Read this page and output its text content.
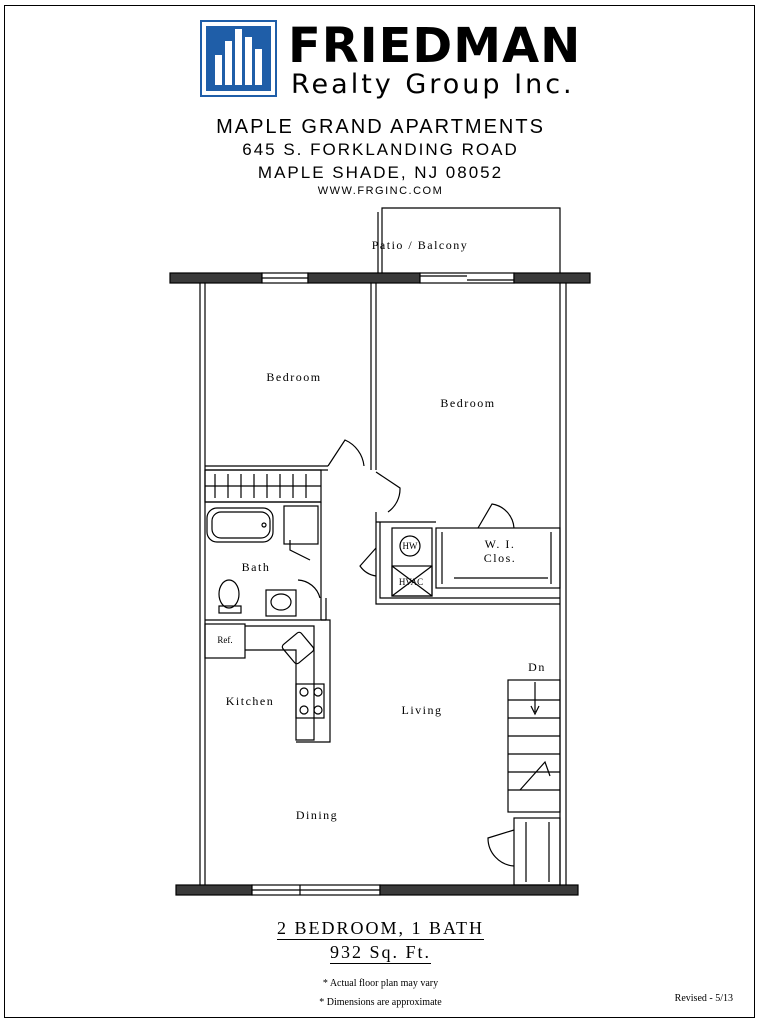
FRIEDMAN
Realty Group Inc.
MAPLE GRAND APARTMENTS
645 S. FORKLANDING ROAD
MAPLE SHADE, NJ 08052
WWW.FRGINC.COM
Patio / Balcony
Bedroom
Bedroom
Bath
HW
HVAC
W. I.
Clos.
Ref.
Kitchen
Living
Dn
Dining
2 BEDROOM, 1 BATH
932 Sq. Ft.
* Actual floor plan may vary
* Dimensions are approximate	Revised - 5/13
